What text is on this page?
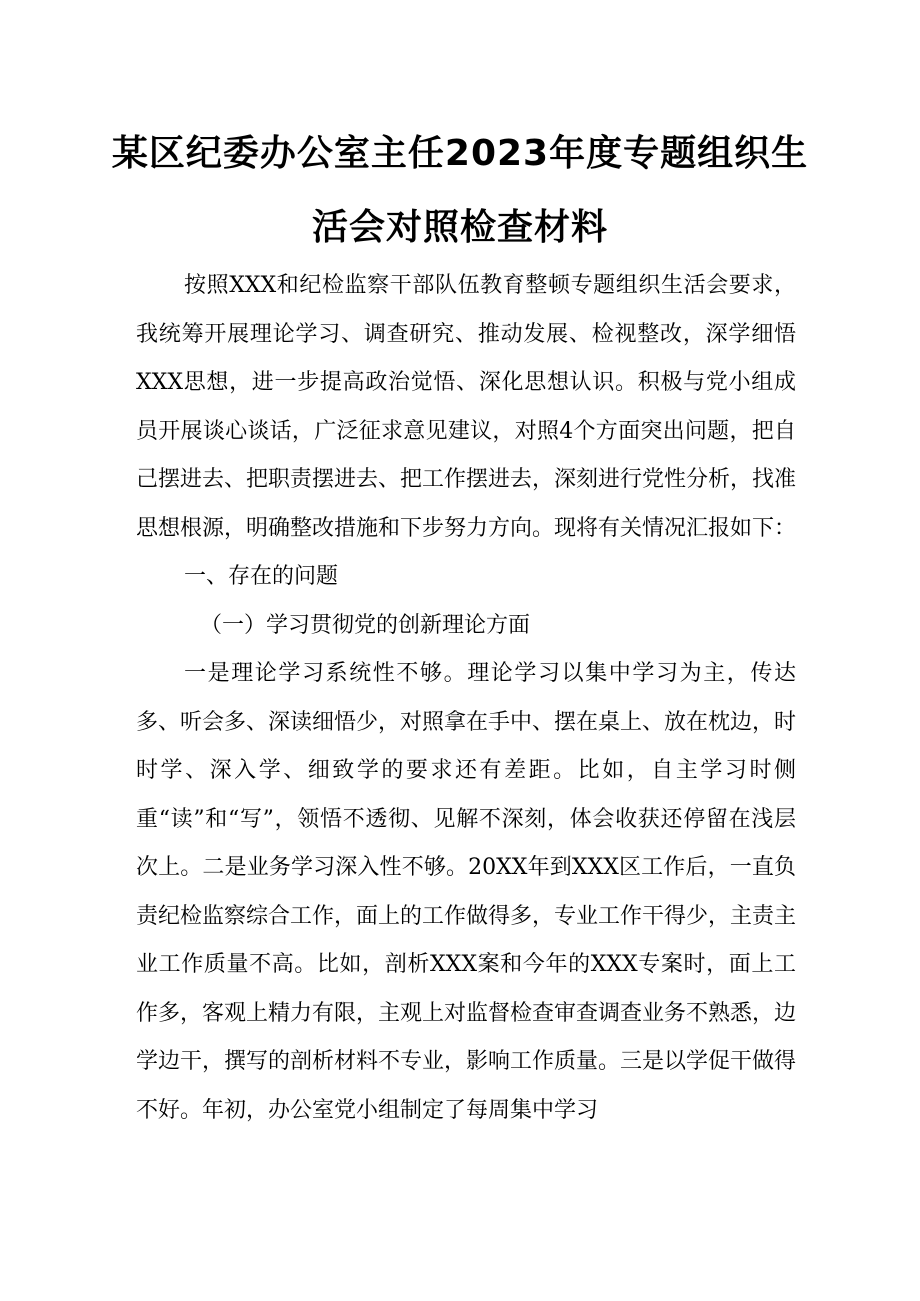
某区纪委办公室主任2023年度专题组织生
活会对照检查材料

按照XXX和纪检监察干部队伍教育整顿专题组织生活会要求，我统筹开展理论学习、调查研究、推动发展、检视整改，深学细悟XXX思想，进一步提高政治觉悟、深化思想认识。积极与党小组成员开展谈心谈话，广泛征求意见建议，对照4个方面突出问题，把自己摆进去、把职责摆进去、把工作摆进去，深刻进行党性分析，找准思想根源，明确整改措施和下步努力方向。现将有关情况汇报如下：

一、存在的问题

（一）学习贯彻党的创新理论方面

一是理论学习系统性不够。理论学习以集中学习为主，传达多、听会多、深读细悟少，对照拿在手中、摆在桌上、放在枕边，时时学、深入学、细致学的要求还有差距。比如，自主学习时侧重“读”和“写”，领悟不透彻、见解不深刻，体会收获还停留在浅层次上。二是业务学习深入性不够。20XX年到XXX区工作后，一直负责纪检监察综合工作，面上的工作做得多，专业工作干得少，主责主业工作质量不高。比如，剖析XXX案和今年的XXX专案时，面上工作多，客观上精力有限，主观上对监督检查审查调查业务不熟悉，边学边干，撰写的剖析材料不专业，影响工作质量。三是以学促干做得不好。年初，办公室党小组制定了每周集中学习
